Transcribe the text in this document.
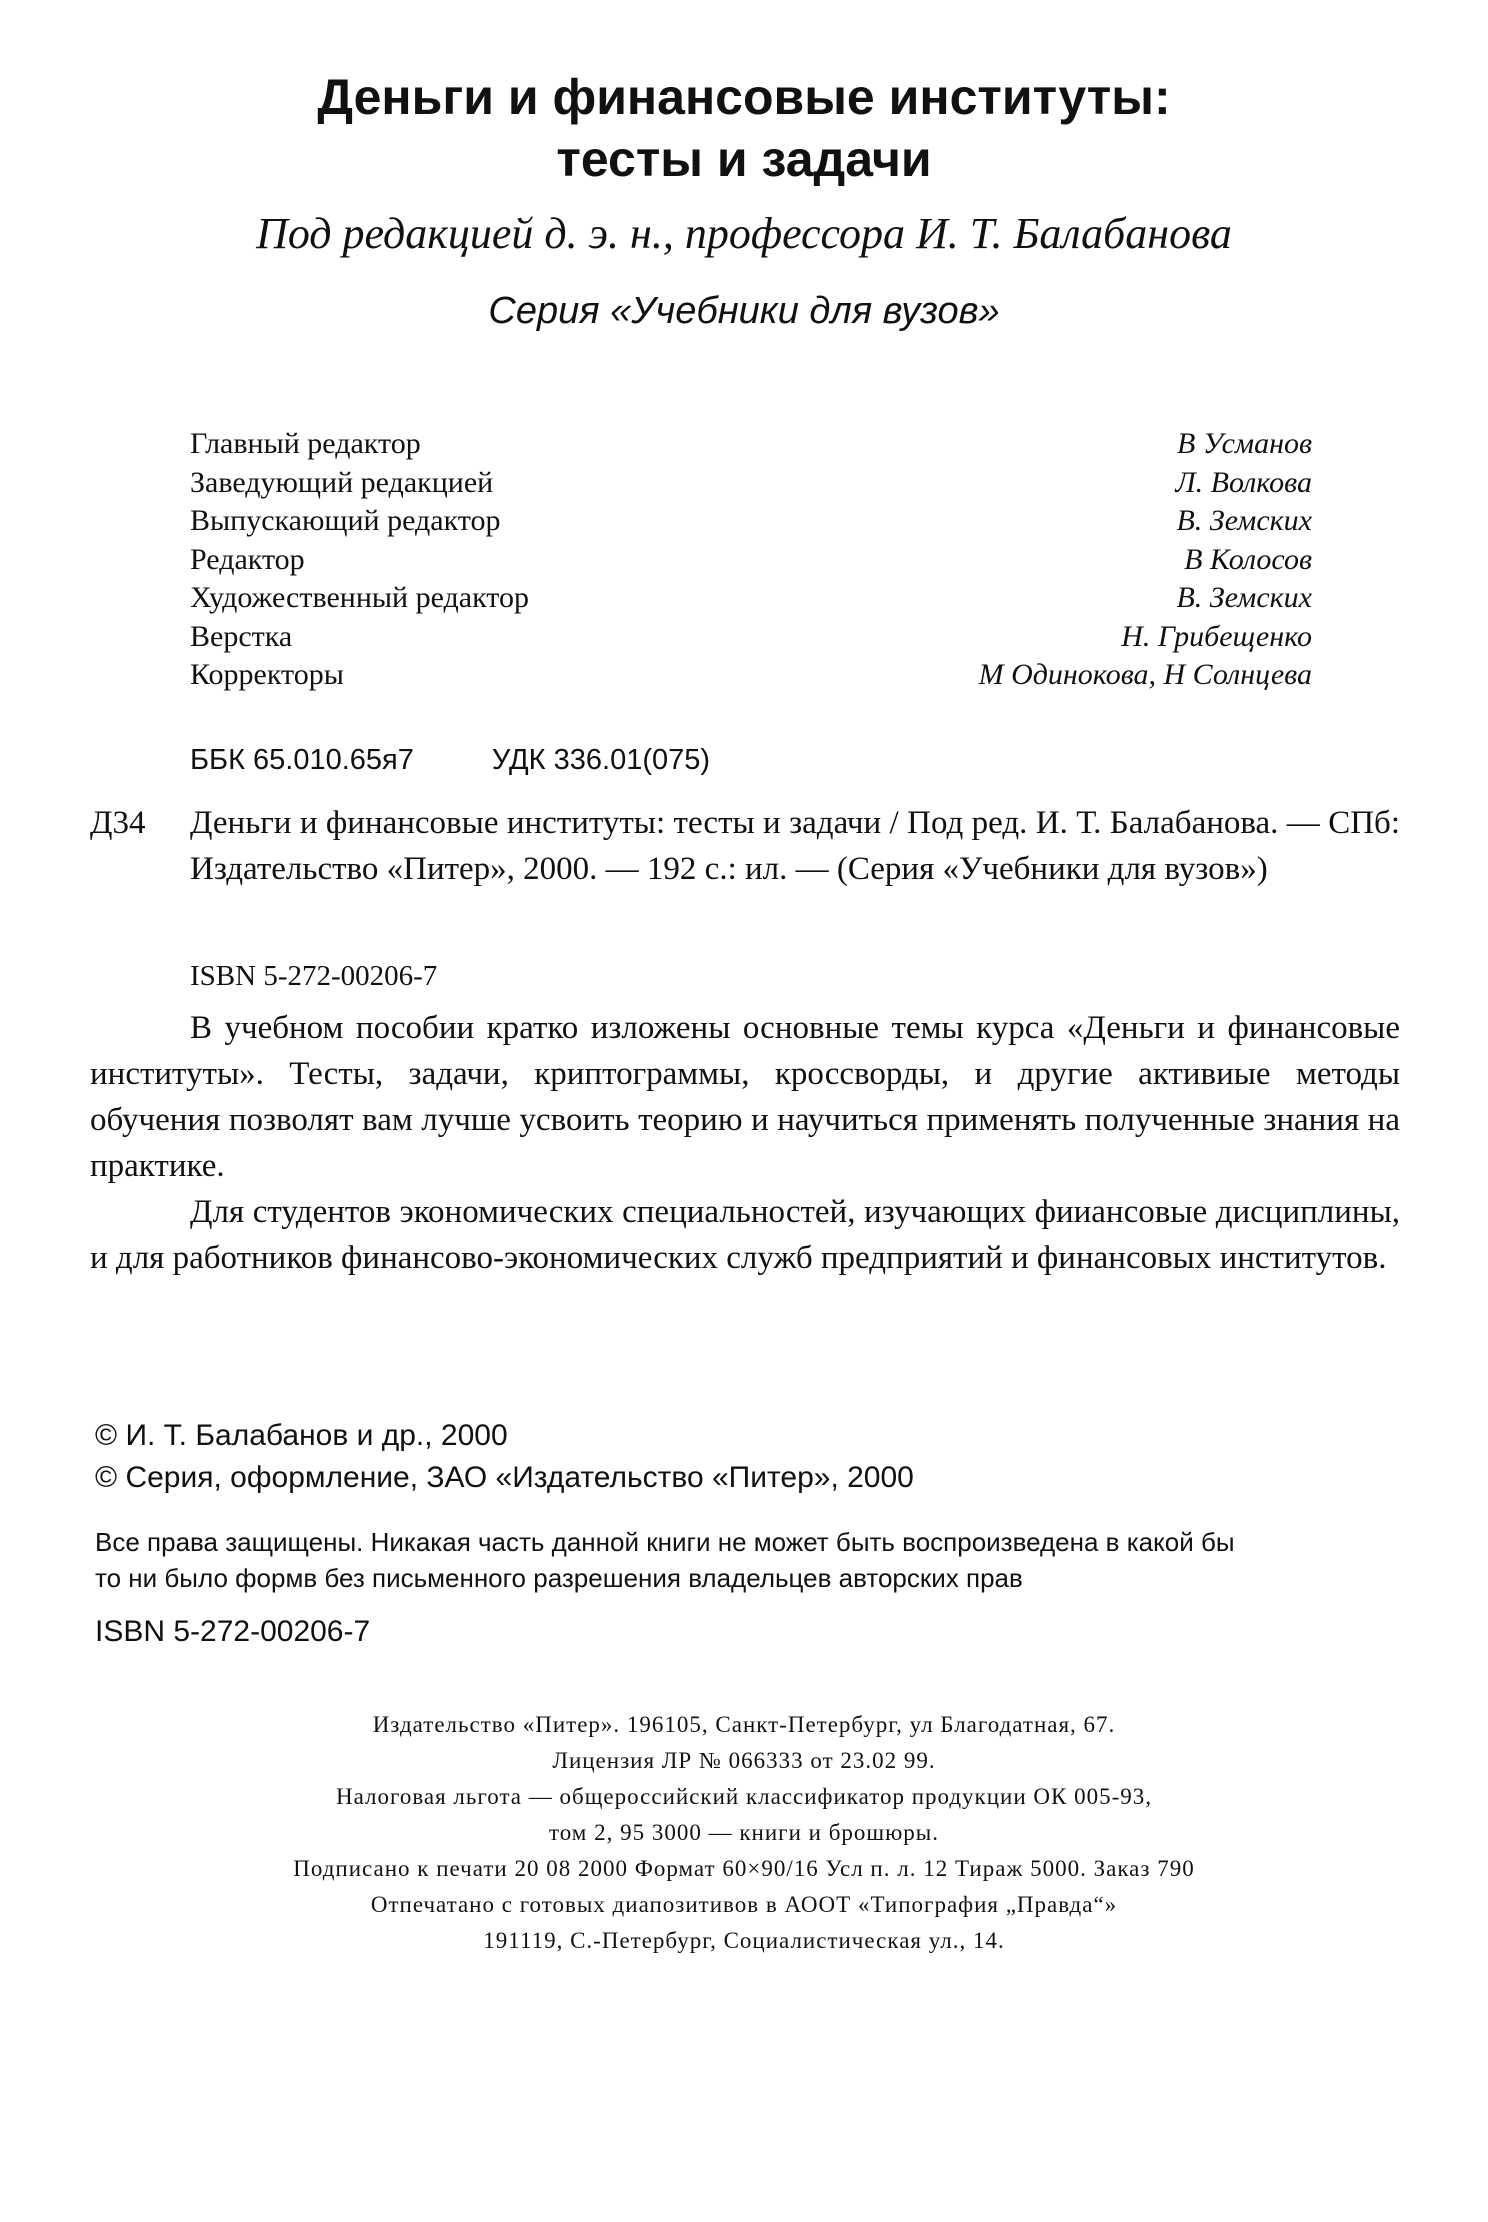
Деньги и финансовые институты:
тесты и задачи
Под редакцией д. э. н., профессора И. Т. Балабанова
Серия «Учебники для вузов»
Главный редактор	В Усманов
Заведующий редакцией	Л. Волкова
Выпускающий редактор	В. Земских
Редактор	В Колосов
Художественный редактор	В. Земских
Верстка	Н. Грибещенко
Корректоры	М Одинокова, Н Солнцева
ББК 65.010.65я7	УДК 336.01(075)
Д34 Деньги и финансовые институты: тесты и задачи / Под ред. И. Т. Балабанова. — СПб: Издательство «Питер», 2000. — 192 с.: ил. — (Серия «Учебники для вузов»)
ISBN 5-272-00206-7

В учебном пособии кратко изложены основные темы курса «Деньги и финансовые институты». Тесты, задачи, криптограммы, кроссворды, и другие активиые методы обучения позволят вам лучше усвоить теорию и научиться применять полученные знания на практике.

Для студентов экономических специальностей, изучающих фииансовые дисциплины, и для работников финансово-экономических служб предприятий и финансовых институтов.

© И. Т. Балабанов и др., 2000
© Серия, оформление, ЗАО «Издательство «Питер», 2000
Все права защищены. Никакая часть данной книги не может быть воспроизведена в какой бы
то ни было формв без письменного разрешения владельцев авторских прав
ISBN 5-272-00206-7
Издательство «Питер». 196105, Санкт-Петербург, ул Благодатная, 67.
Лицензия ЛР № 066333 от 23.02 99.
Налоговая льгота — общероссийский классификатор продукции ОК 005-93,
том 2, 95 3000 — книги и брошюры.
Подписано к печати 20 08 2000 Формат 60×90/16 Усл п. л. 12 Тираж 5000. Заказ 790
Отпечатано с готовых диапозитивов в АООТ «Типография „Правда“»
191119, С.-Петербург, Социалистическая ул., 14.
